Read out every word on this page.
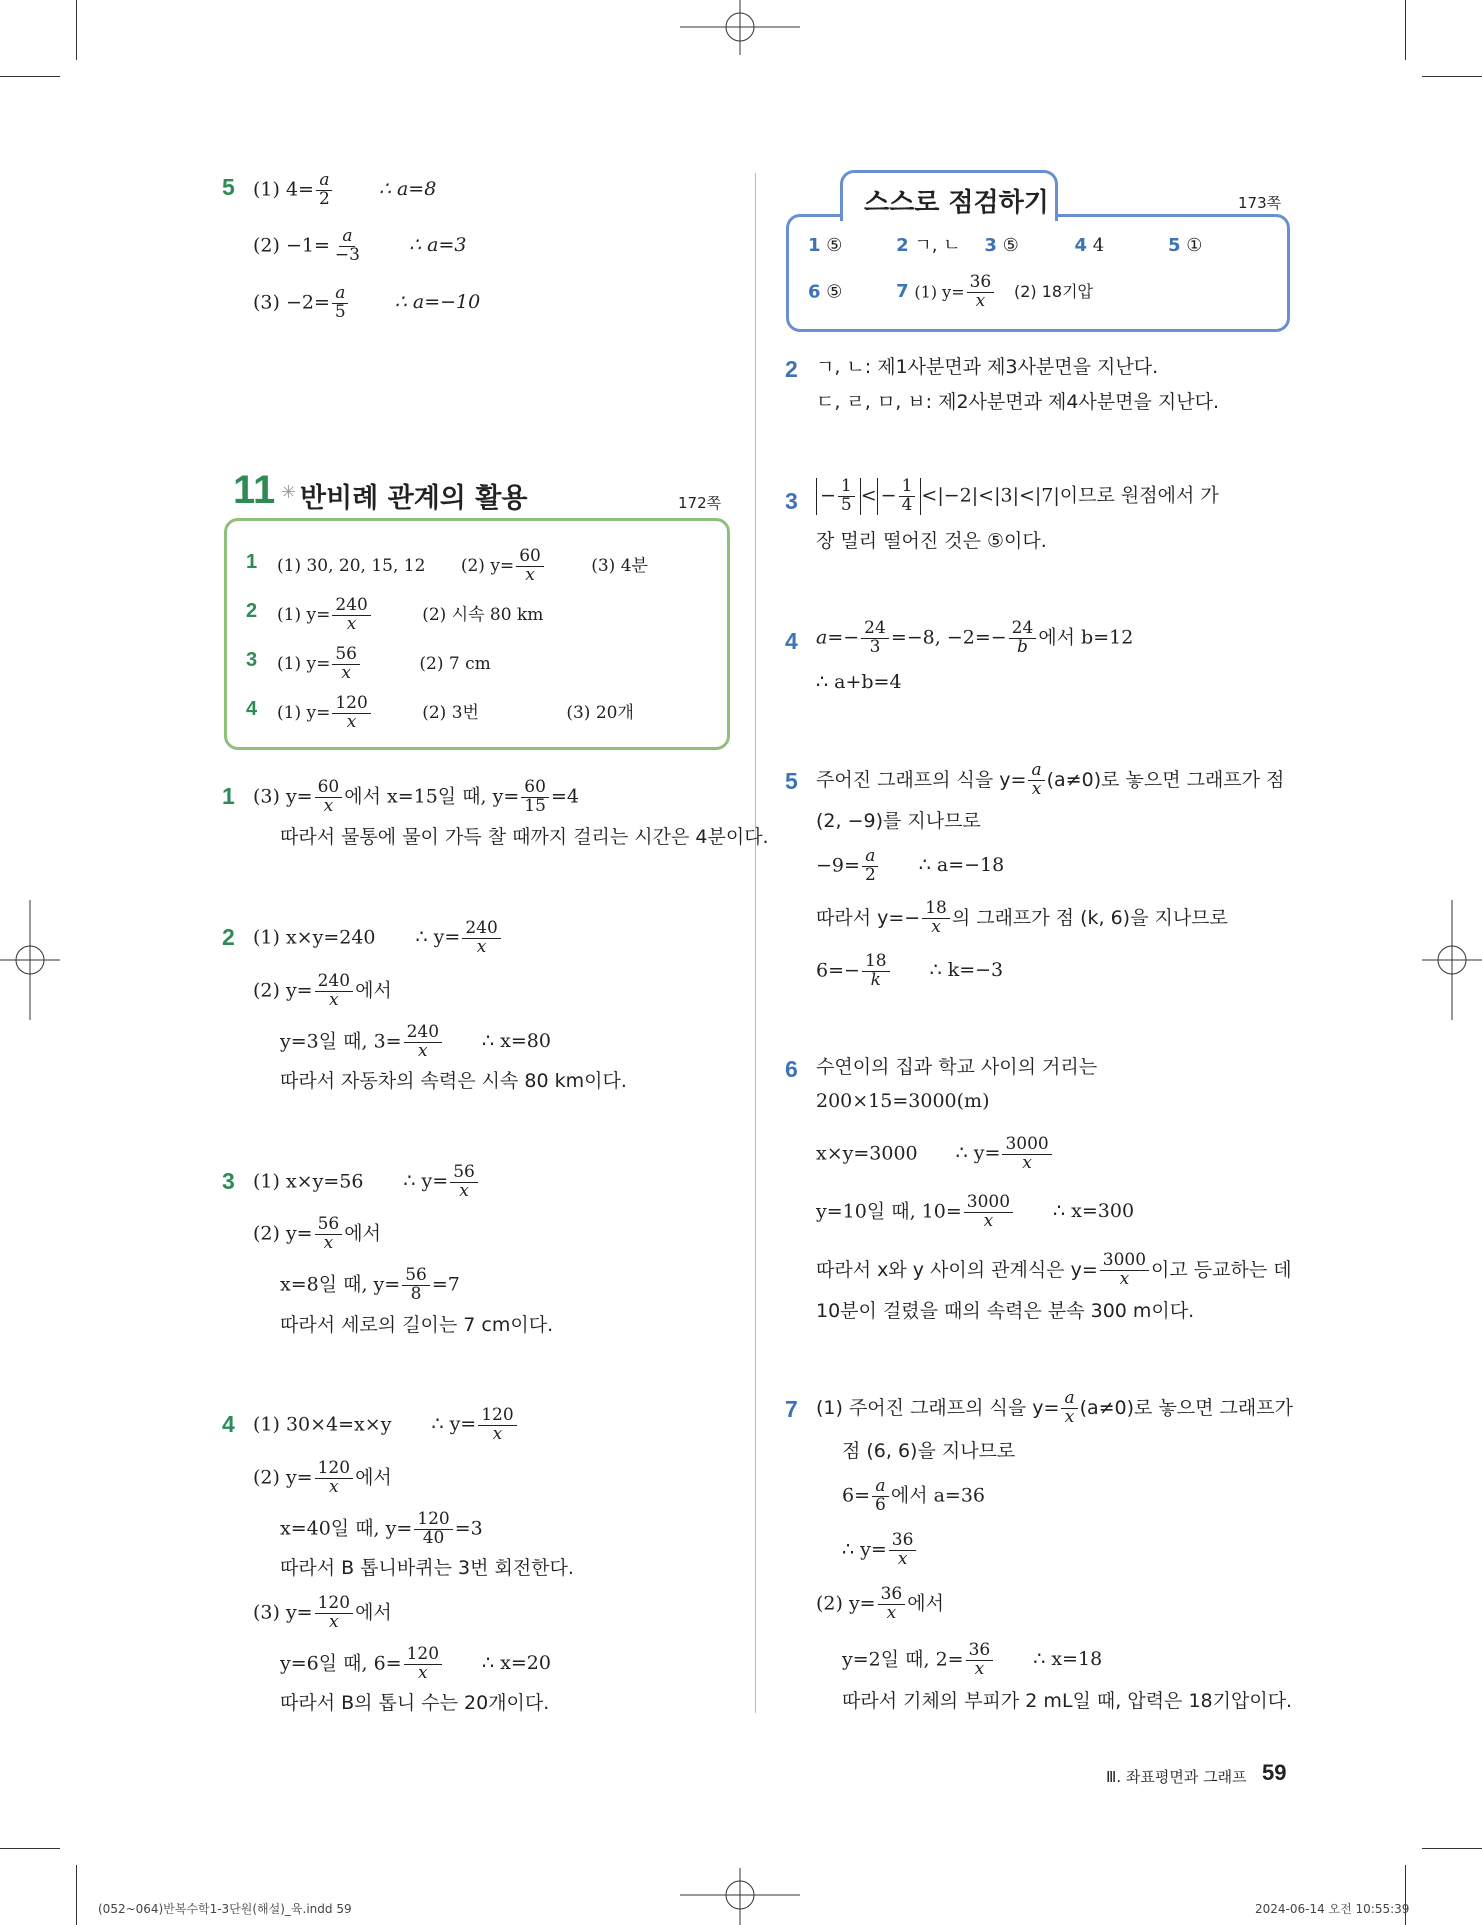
5 (1) $4= \frac{a}{2}$ ∴ a=8
$(2) -1= \frac{a}{-3}$ ∴ a=3
$(3) -2= \frac{a}{5}$ ∴ a=−10
11 ✳ 반비례 관계의 활용	172쪽
1 (1) 30, 20, 15, 12 (2) $y= \frac{60}{x}$	(3) 4분
2 (1) $y= \frac{240}{x}$	(2) 시속 80 km
3 (1) $y= \frac{56}{x}$	(2) 7 cm
4 (1) $y= \frac{120}{x}$	(2) 3번	(3) 20개
1 (3) $y= \frac{60}{x}$ 에서 x=15일 때, $y= \frac{60}{15} =4$
따라서 물통에 물이 가득 찰 때까지 걸리는 시간은 4분이다.
2 (1) x×y=240 ∴ $y= \frac{240}{x}$
(2) $y= \frac{240}{x}$ 에서
y=3일 때, $3= \frac{240}{x}$ ∴ x=80
따라서 자동차의 속력은 시속 80 km이다.
3 (1) x×y=56 ∴ $y= \frac{56}{x}$
(2) $y= \frac{56}{x}$ 에서
x=8일 때, $y= \frac{56}{8} =7$
따라서 세로의 길이는 7 cm이다.
4 (1) 30×4=x×y ∴ $y= \frac{120}{x}$
(2) $y= \frac{120}{x}$ 에서
x=40일 때, $y= \frac{120}{40} =3$
따라서 B 톱니바퀴는 3번 회전한다.
(3) $y= \frac{120}{x}$ 에서
y=6일 때, $6= \frac{120}{x}$ ∴ x=20
따라서 B의 톱니 수는 20개이다.
스스로 점검하기	173쪽
1 ⑤	2 ㄱ, ㄴ 3 ⑤	4 4	5 ①
6 ⑤	7 (1) $y= \frac{36}{x} (2)$ 18기압
2 ㄱ, ㄴ: 제1사분면과 제3사분면을 지난다.
ㄷ, ㄹ, ㅁ, ㅂ: 제2사분면과 제4사분면을 지난다.
$3 - \frac{1}{5}$ < − $\frac{1}{4} <|-2|<|3|<|7|$이므로 원점에서 가
장 멀리 떨어진 것은 ⑤이다.
4 $a=- \frac{24}{3} =-8$, $-2=- \frac{24}{b}$ 에서 b=12
∴ a+b=4
5 주어진 그래프의 식을 $y= \frac{a}{x} (a\ne 0)$로 놓으면 그래프가 점
(2, −9)를 지나므로
$-9= \frac{a}{2}$ ∴ a=−18
따라서 $y=- \frac{18}{x}$ 의 그래프가 점 (k, 6)을 지나므로
$6=- \frac{18}{k}$ ∴ k=−3
6 수연이의 집과 학교 사이의 거리는
200×15=3000(m)
x×y=3000 ∴ $y= \frac{3000}{x}$
y=10일 때, $10= \frac{3000}{x}$ ∴ x=300
따라서 x와 y 사이의 관계식은 $y= \frac{3000}{x}$ 이고 등교하는 데
10분이 걸렸을 때의 속력은 분속 300 m이다.
7 (1) 주어진 그래프의 식을 $y= \frac{a}{x} (a\ne 0)$로 놓으면 그래프가
점 (6, 6)을 지나므로
$6= \frac{a}{6}$ 에서 a=36
∴ $y= \frac{36}{x}$
(2) $y= \frac{36}{x}$ 에서
y=2일 때, $2= \frac{36}{x}$ ∴ x=18
따라서 기체의 부피가 2 mL일 때, 압력은 18기압이다.
Ⅲ. 좌표평면과 그래프 59
(052~064)반복수학1-3단원(해설)_육.indd 59	2024-06-14 오전 10:55:39
